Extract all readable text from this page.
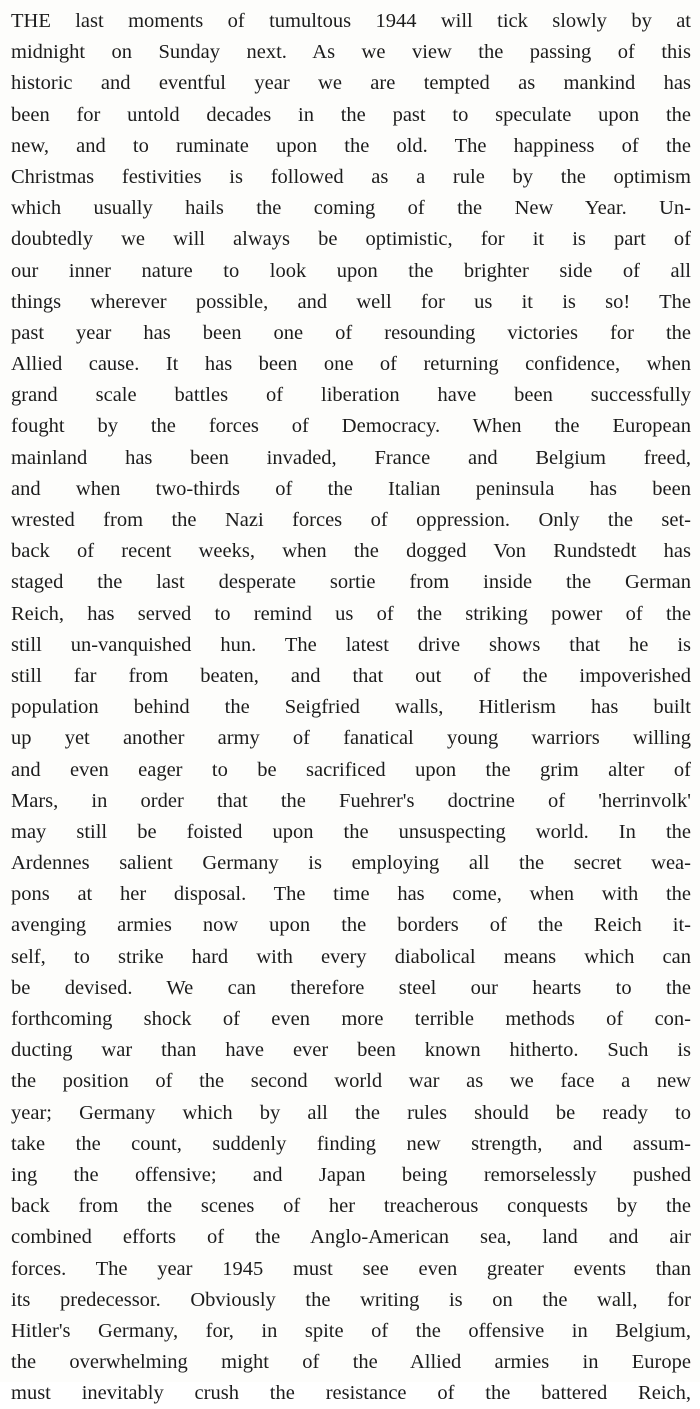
THE last moments of tumultous 1944 will tick slowly by at
midnight on Sunday next. As we view the passing of this
historic and eventful year we are tempted as mankind has
been for untold decades in the past to speculate upon the
new, and to ruminate upon the old. The happiness of the
Christmas festivities is followed as a rule by the optimism
which usually hails the coming of the New Year. Un-
doubtedly we will always be optimistic, for it is part of
our inner nature to look upon the brighter side of all
things wherever possible, and well for us it is so! The
past year has been one of resounding victories for the
Allied cause. It has been one of returning confidence, when
grand scale battles of liberation have been successfully
fought by the forces of Democracy. When the European
mainland has been invaded, France and Belgium freed,
and when two-thirds of the Italian peninsula has been
wrested from the Nazi forces of oppression. Only the set-
back of recent weeks, when the dogged Von Rundstedt has
staged the last desperate sortie from inside the German
Reich, has served to remind us of the striking power of the
still un-vanquished hun. The latest drive shows that he is
still far from beaten, and that out of the impoverished
population behind the Seigfried walls, Hitlerism has built
up yet another army of fanatical young warriors willing
and even eager to be sacrificed upon the grim alter of
Mars, in order that the Fuehrer's doctrine of 'herrinvolk'
may still be foisted upon the unsuspecting world. In the
Ardennes salient Germany is employing all the secret wea-
pons at her disposal. The time has come, when with the
avenging armies now upon the borders of the Reich it-
self, to strike hard with every diabolical means which can
be devised. We can therefore steel our hearts to the
forthcoming shock of even more terrible methods of con-
ducting war than have ever been known hitherto. Such is
the position of the second world war as we face a new
year; Germany which by all the rules should be ready to
take the count, suddenly finding new strength, and assum-
ing the offensive; and Japan being remorselessly pushed
back from the scenes of her treacherous conquests by the
combined efforts of the Anglo-American sea, land and air
forces. The year 1945 must see even greater events than
its predecessor. Obviously the writing is on the wall, for
Hitler's Germany, for, in spite of the offensive in Belgium,
the overwhelming might of the Allied armies in Europe
must inevitably crush the resistance of the battered Reich,
